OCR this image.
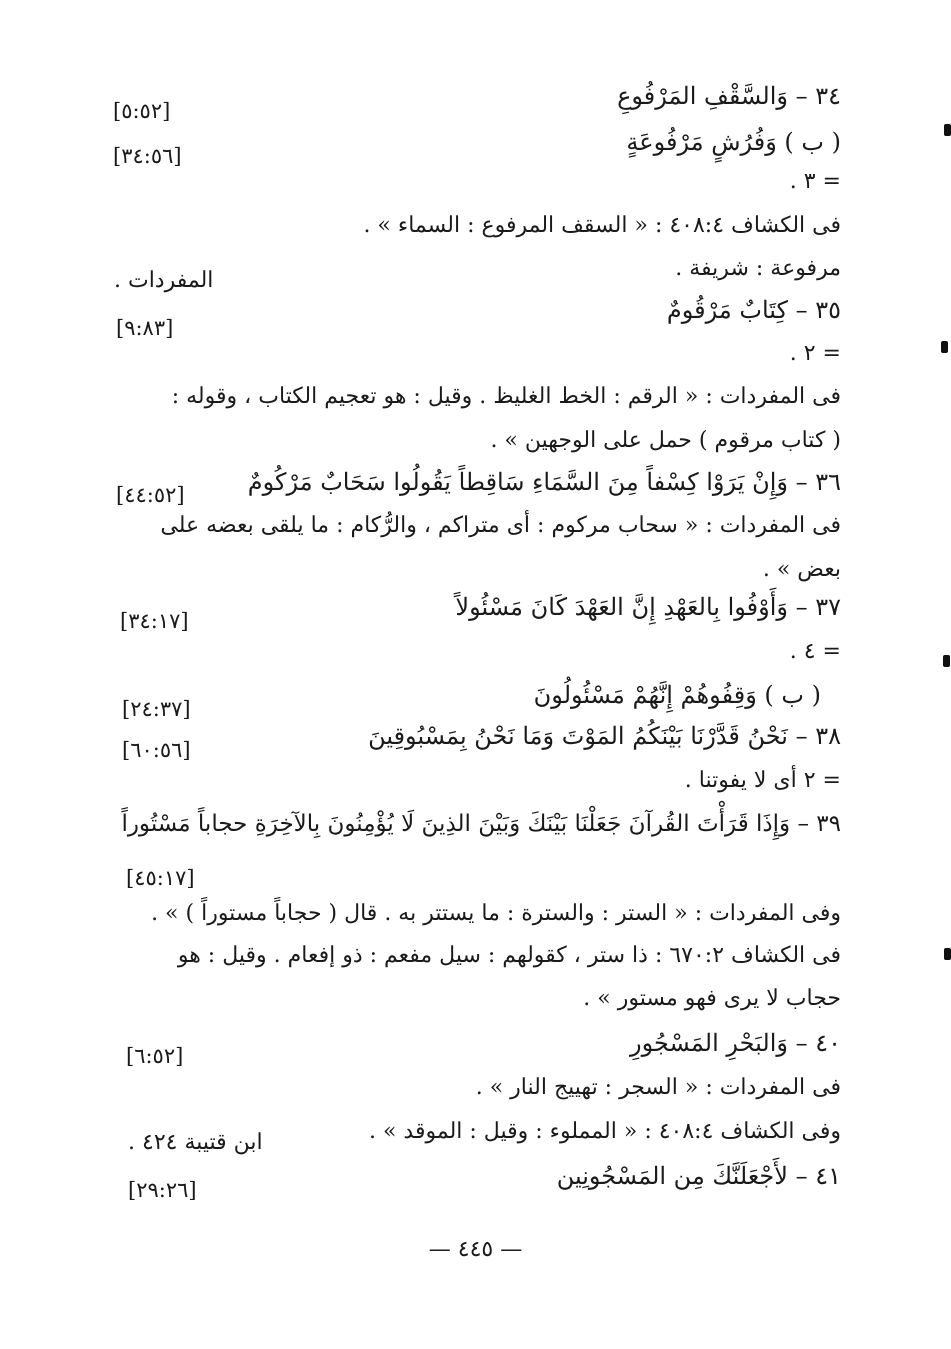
٣٤ – وَالسَّقْفِ المَرْفُوعِ
[٥:٥٢]
( ب ) وَفُرُشٍ مَرْفُوعَةٍ
[٣٤:٥٦]
= ٣ .
فى الكشاف ٤٠٨:٤ : « السقف المرفوع : السماء » .
مرفوعة : شريفة .
المفردات .
٣٥ – كِتَابٌ مَرْقُومٌ
[٩:٨٣]
= ٢ .
فى المفردات : « الرقم : الخط الغليظ . وقيل : هو تعجيم الكتاب ، وقوله :
( كتاب مرقوم ) حمل على الوجهين » .
٣٦ – وَإِنْ يَرَوْا كِسْفاً مِنَ السَّمَاءِ سَاقِطاً يَقُولُوا سَحَابٌ مَرْكُومٌ
[٤٤:٥٢]
فى المفردات : « سحاب مركوم : أى متراكم ، والرُّكام : ما يلقى بعضه على
بعض » .
٣٧ – وَأَوْفُوا بِالعَهْدِ إِنَّ العَهْدَ كَانَ مَسْئُولاً
[٣٤:١٧]
= ٤ .
( ب ) وَقِفُوهُمْ إِنَّهُمْ مَسْئُولُونَ
[٢٤:٣٧]
٣٨ – نَحْنُ قَدَّرْنَا بَيْنَكُمُ المَوْتَ وَمَا نَحْنُ بِمَسْبُوقِينَ
[٦٠:٥٦]
= ٢ أى لا يفوتنا .
٣٩ – وَإِذَا قَرَأْتَ القُرآنَ جَعَلْنَا بَيْنَكَ وَبَيْنَ الذِينَ لَا يُؤْمِنُونَ بِالآخِرَةِ حجاباً مَسْتُوراً
[٤٥:١٧]
وفى المفردات : « الستر : والسترة : ما يستتر به . قال ( حجاباً مستوراً ) » .
فى الكشاف ٦٧٠:٢ : ذا ستر ، كقولهم : سيل مفعم : ذو إفعام . وقيل : هو
حجاب لا يرى فهو مستور » .
٤٠ – وَالبَحْرِ المَسْجُورِ
[٦:٥٢]
فى المفردات : « السجر : تهييج النار » .
وفى الكشاف ٤٠٨:٤ : « المملوء : وقيل : الموقد » .
ابن قتيبة ٤٢٤ .
٤١ – لأَجْعَلَنَّكَ مِن المَسْجُونِين
[٢٩:٢٦]
— ٤٤٥ —
